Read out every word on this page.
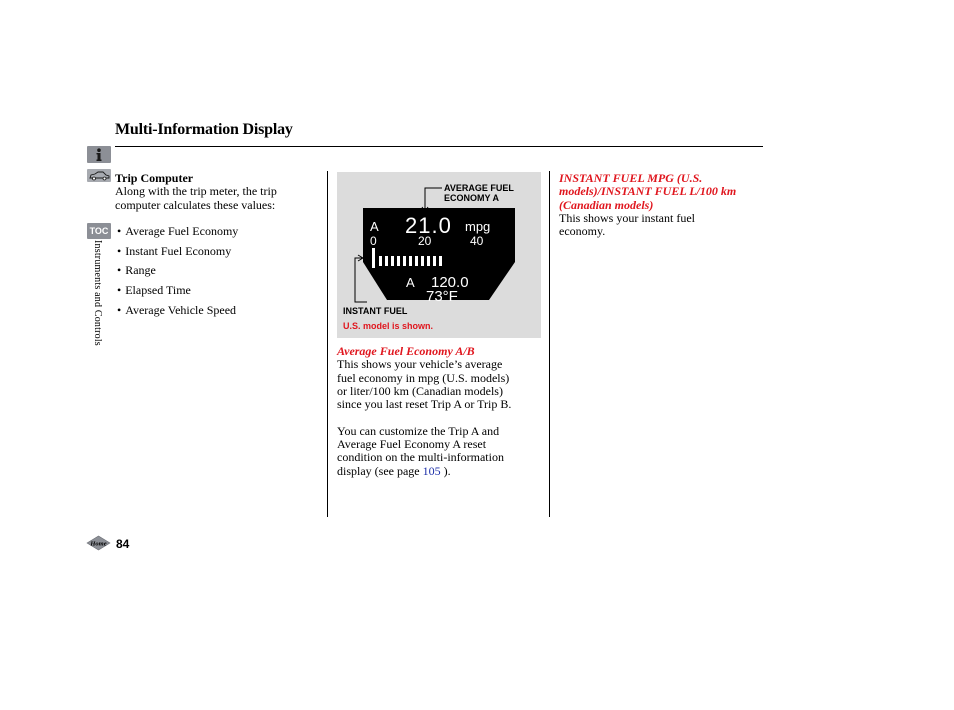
Multi-Information Display
TOC
Instruments and Controls
Trip Computer
Along with the trip meter, the trip
computer calculates these values:
• Average Fuel Economy
• Instant Fuel Economy
• Range
• Elapsed Time
• Average Vehicle Speed
A 21.0 mpg
0	20	40
A 120.0
73°F
AVERAGE FUEL
ECONOMY A
INSTANT FUEL
U.S. model is shown.
Average Fuel Economy A/B
This shows your vehicle’s average
fuel economy in mpg (U.S. models)
or liter/100 km (Canadian models)
since you last reset Trip A or Trip B.
You can customize the Trip A and
Average Fuel Economy A reset
condition on the multi-information
display (see page 105 ).
INSTANT FUEL MPG (U.S.
models)/INSTANT FUEL L/100 km
(Canadian models)
This shows your instant fuel
economy.
Home 84
